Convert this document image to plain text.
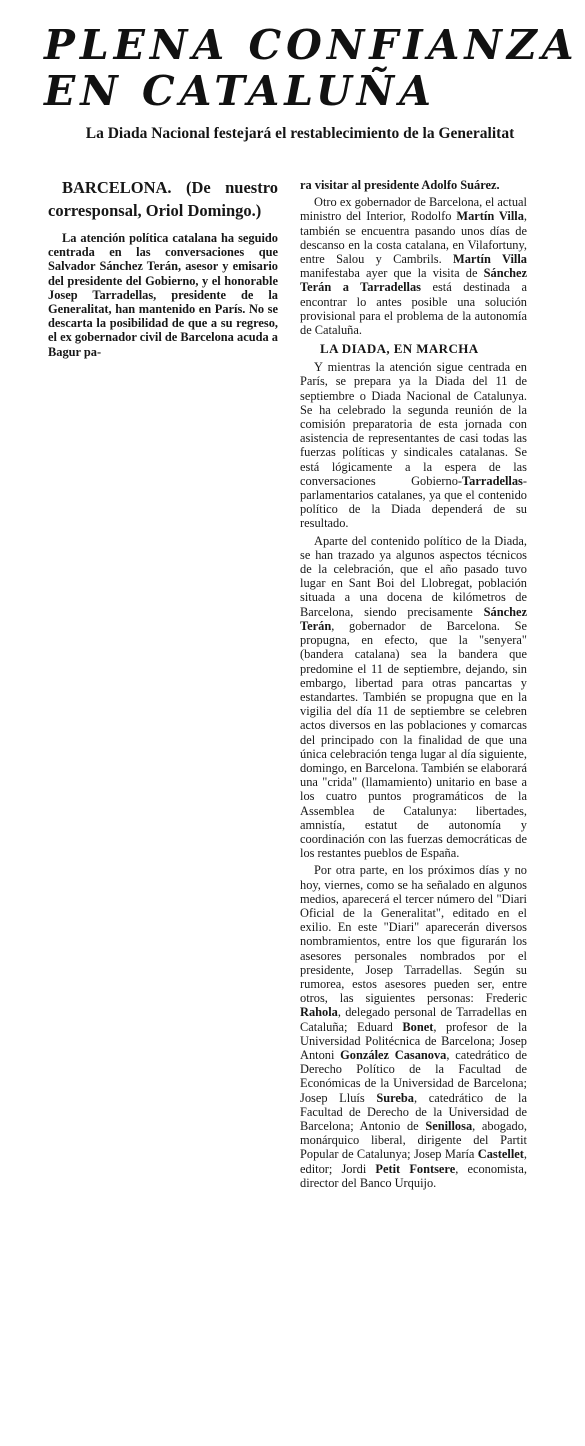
PLENA CONFIANZA
EN CATALUÑA

La Diada Nacional festejará el restablecimiento de la Generalitat

BARCELONA. (De nuestro corresponsal, Oriol Domingo.)

La atención política catalana ha seguido centrada en las conversaciones que Salvador Sánchez Terán, asesor y emisario del presidente del Gobierno, y el honorable Josep Tarradellas, presidente de la Generalitat, han mantenido en París. No se descarta la posibilidad de que a su regreso, el ex gobernador civil de Barcelona acuda a Bagur pa-

ra visitar al presidente Adolfo Suárez.

Otro ex gobernador de Barcelona, el actual ministro del Interior, Rodolfo Martín Villa, también se encuentra pasando unos días de descanso en la costa catalana, en Vilafortuny, entre Salou y Cambrils. Martín Villa manifestaba ayer que la visita de Sánchez Terán a Tarradellas está destinada a encontrar lo antes posible una solución provisional para el problema de la autonomía de Cataluña.

LA DIADA, EN MARCHA

Y mientras la atención sigue centrada en París, se prepara ya la Diada del 11 de septiembre o Diada Nacional de Catalunya. Se ha celebrado la segunda reunión de la comisión preparatoria de esta jornada con asistencia de representantes de casi todas las fuerzas políticas y sindicales catalanas. Se está lógicamente a la espera de las conversaciones Gobierno-Tarradellas-parlamentarios catalanes, ya que el contenido político de la Diada dependerá de su resultado.

Aparte del contenido político de la Diada, se han trazado ya algunos aspectos técnicos de la celebración, que el año pasado tuvo lugar en Sant Boi del Llobregat, población situada a una docena de kilómetros de Barcelona, siendo precisamente Sánchez Terán, gobernador de Barcelona. Se propugna, en efecto, que la "senyera" (bandera catalana) sea la bandera que predomine el 11 de septiembre, dejando, sin embargo, libertad para otras pancartas y estandartes. También se propugna que en la vigilia del día 11 de septiembre se celebren actos diversos en las poblaciones y comarcas del principado con la finalidad de que una única celebración tenga lugar al día siguiente, domingo, en Barcelona. También se elaborará una "crida" (llamamiento) unitario en base a los cuatro puntos programáticos de la Assemblea de Catalunya: libertades, amnistía, estatut de autonomía y coordinación con las fuerzas democráticas de los restantes pueblos de España.

Por otra parte, en los próximos días y no hoy, viernes, como se ha señalado en algunos medios, aparecerá el tercer número del "Diari Oficial de la Generalitat", editado en el exilio. En este "Diari" aparecerán diversos nombramientos, entre los que figurarán los asesores personales nombrados por el presidente, Josep Tarradellas. Según su rumorea, estos asesores pueden ser, entre otros, las siguientes personas: Frederic Rahola, delegado personal de Tarradellas en Cataluña; Eduard Bonet, profesor de la Universidad Politécnica de Barcelona; Josep Antoni González Casanova, catedrático de Derecho Político de la Facultad de Económicas de la Universidad de Barcelona; Josep Lluís Sureba, catedrático de la Facultad de Derecho de la Universidad de Barcelona; Antonio de Senillosa, abogado, monárquico liberal, dirigente del Partit Popular de Catalunya; Josep María Castellet, editor; Jordi Petit Fontsere, economista, director del Banco Urquijo.
